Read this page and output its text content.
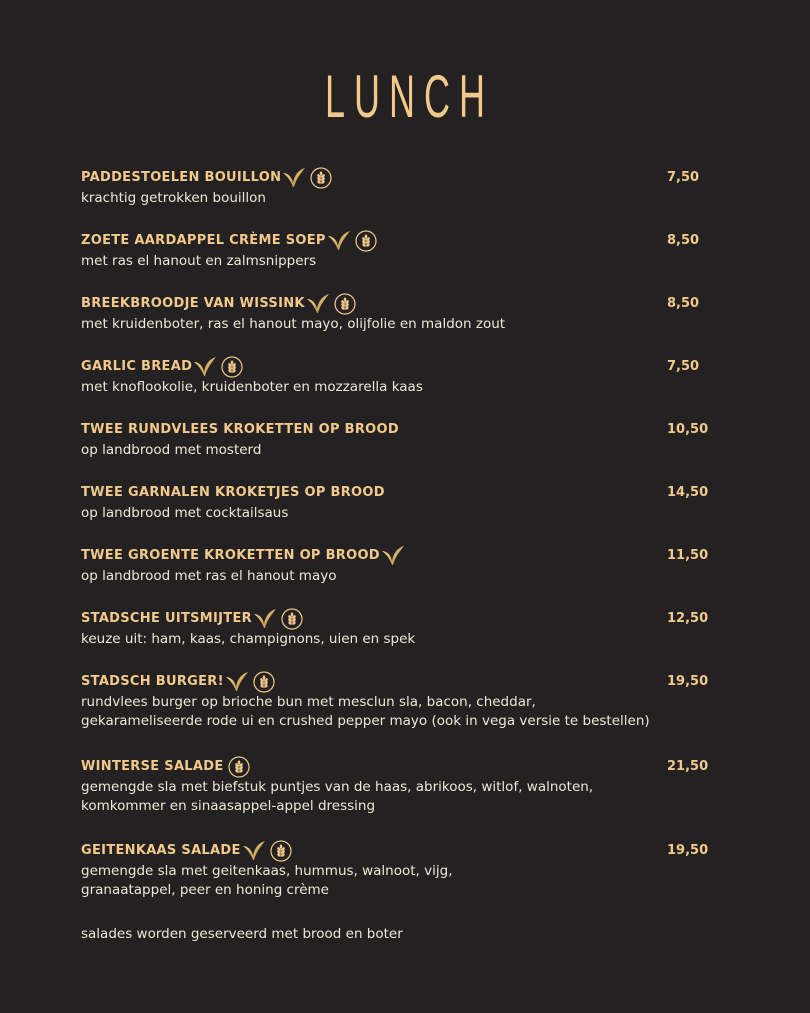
LUNCH
PADDESTOELEN BOUILLON	7,50
krachtig getrokken bouillon
ZOETE AARDAPPEL CRÈME SOEP	8,50
met ras el hanout en zalmsnippers
BREEKBROODJE VAN WISSINK	8,50
met kruidenboter, ras el hanout mayo, olijfolie en maldon zout
GARLIC BREAD	7,50
met knoflookolie, kruidenboter en mozzarella kaas
TWEE RUNDVLEES KROKETTEN OP BROOD	10,50
op landbrood met mosterd
TWEE GARNALEN KROKETJES OP BROOD	14,50
op landbrood met cocktailsaus
TWEE GROENTE KROKETTEN OP BROOD	11,50
op landbrood met ras el hanout mayo
STADSCHE UITSMIJTER	12,50
keuze uit: ham, kaas, champignons, uien en spek
STADSCH BURGER!	19,50
rundvlees burger op brioche bun met mesclun sla, bacon, cheddar,
gekarameliseerde rode ui en crushed pepper mayo (ook in vega versie te bestellen)
WINTERSE SALADE	21,50
gemengde sla met biefstuk puntjes van de haas, abrikoos, witlof, walnoten,
komkommer en sinaasappel-appel dressing
GEITENKAAS SALADE	19,50
gemengde sla met geitenkaas, hummus, walnoot, vijg,
granaatappel, peer en honing crème
salades worden geserveerd met brood en boter
